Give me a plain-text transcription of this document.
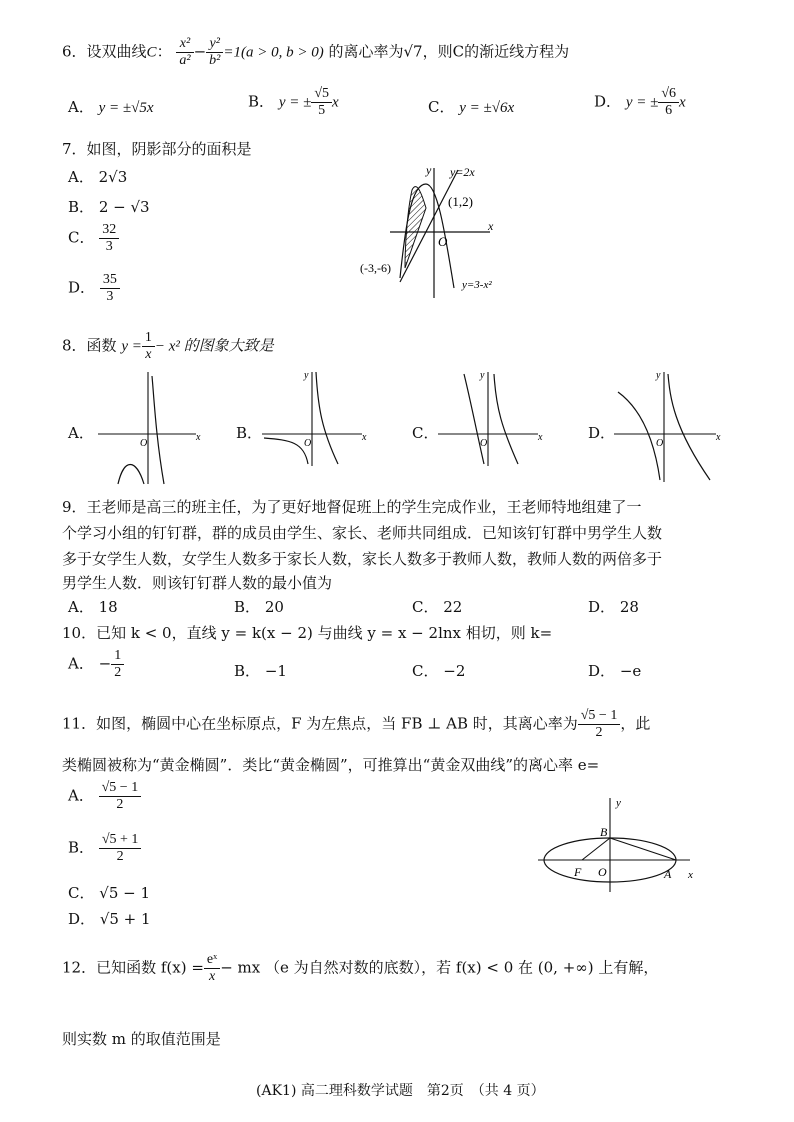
6．设双曲线C： $\frac{\text{x²}}{\text{a²}} - \frac{\text{y²}}{\text{b²}} =1(a > 0$, b > 0) 的离心率为√7，则C的渐近线方程为
A． y = ±√5x	B． y = ± $\frac{√5}{5}$ x	C． y = ±√6x	D． y = ± $\frac{√6}{6}$ x
7．如图，阴影部分的面积是
A． 2√3
B． 2 − √3
C． $\frac{32}{3}$
D． $\frac{35}{3}$
y
x
O
y=2x
y=3-x²
(1,2)
(-3,-6)
8．函数 $y = \frac{1}{x} - x^2$ 的图象大致是
A．
O
x B．
y
O
x	C．
y
O
x	D．
y
O
x
9．王老师是高三的班主任，为了更好地督促班上的学生完成作业，王老师特地组建了一
个学习小组的钉钉群，群的成员由学生、家长、老师共同组成．已知该钉钉群中男学生人数
多于女学生人数，女学生人数多于家长人数，家长人数多于教师人数，教师人数的两倍多于
男学生人数．则该钉钉群人数的最小值为
A． 18	B． 20	C． 22	D． 28
10．已知 k < 0，直线 y = k(x − 2) 与曲线 y = x − 2lnx 相切，则 k=
A． − $\frac{1}{2}$	B． −1	C． −2	D． −e
11．如图，椭圆中心在坐标原点，F 为左焦点，当 FB ⊥ AB 时，其离心率为 $\frac{√5 - 1}{2}$ ，此
类椭圆被称为“黄金椭圆”．类比“黄金椭圆”，可推算出“黄金双曲线”的离心率 e=
A． $\frac{√5 - 1}{2}$
B． $\frac{√5 + 1}{2}$
C． √5 − 1
D． √5 + 1
y
x
B
F O	A
12．已知函数 $f(x) = \frac{\text{eˣ}}{x}$ − mx （e 为自然对数的底数），若 f(x) < 0 在 (0, +∞) 上有解，
则实数 m 的取值范围是
(AK1) 高二理科数学试题　第2页　（共 4 页）
